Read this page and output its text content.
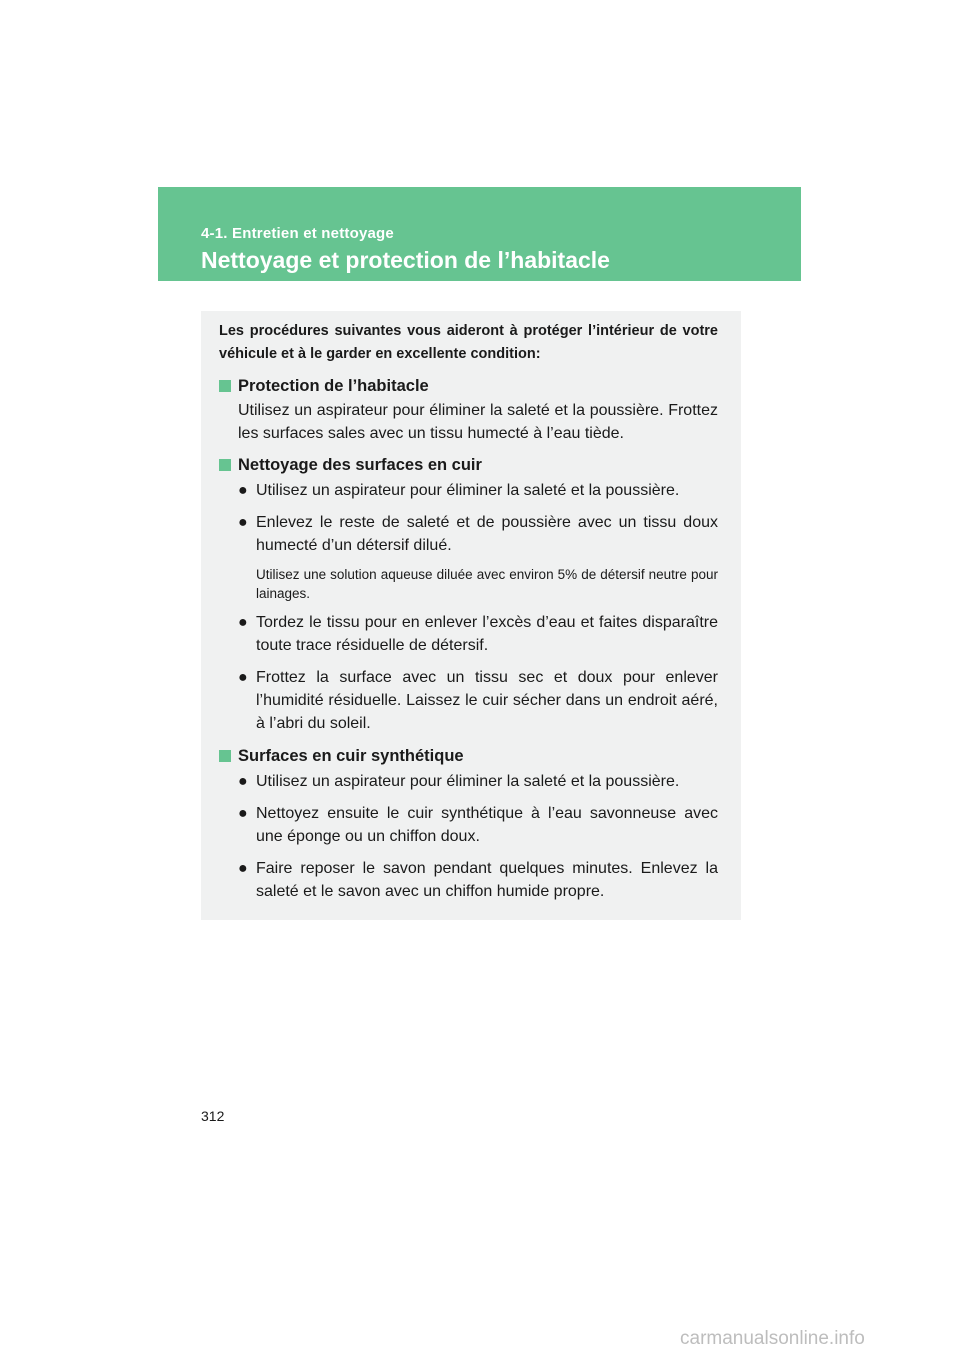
4-1. Entretien et nettoyage
Nettoyage et protection de l’habitacle

Les procédures suivantes vous aideront à protéger l’intérieur de votre véhicule et à le garder en excellente condition:

Protection de l’habitacle

Utilisez un aspirateur pour éliminer la saleté et la poussière. Frottez les surfaces sales avec un tissu humecté à l’eau tiède.

Nettoyage des surfaces en cuir
● Utilisez un aspirateur pour éliminer la saleté et la poussière.
● Enlevez le reste de saleté et de poussière avec un tissu doux humecté d’un détersif dilué.

Utilisez une solution aqueuse diluée avec environ 5% de détersif neutre pour lainages.

● Tordez le tissu pour en enlever l’excès d’eau et faites disparaître toute trace résiduelle de détersif.
● Frottez la surface avec un tissu sec et doux pour enlever l’humidité résiduelle. Laissez le cuir sécher dans un endroit aéré, à l’abri du soleil.
Surfaces en cuir synthétique
● Utilisez un aspirateur pour éliminer la saleté et la poussière.
● Nettoyez ensuite le cuir synthétique à l’eau savonneuse avec une éponge ou un chiffon doux.
● Faire reposer le savon pendant quelques minutes. Enlevez la saleté et le savon avec un chiffon humide propre.
312
carmanualsonline.info
